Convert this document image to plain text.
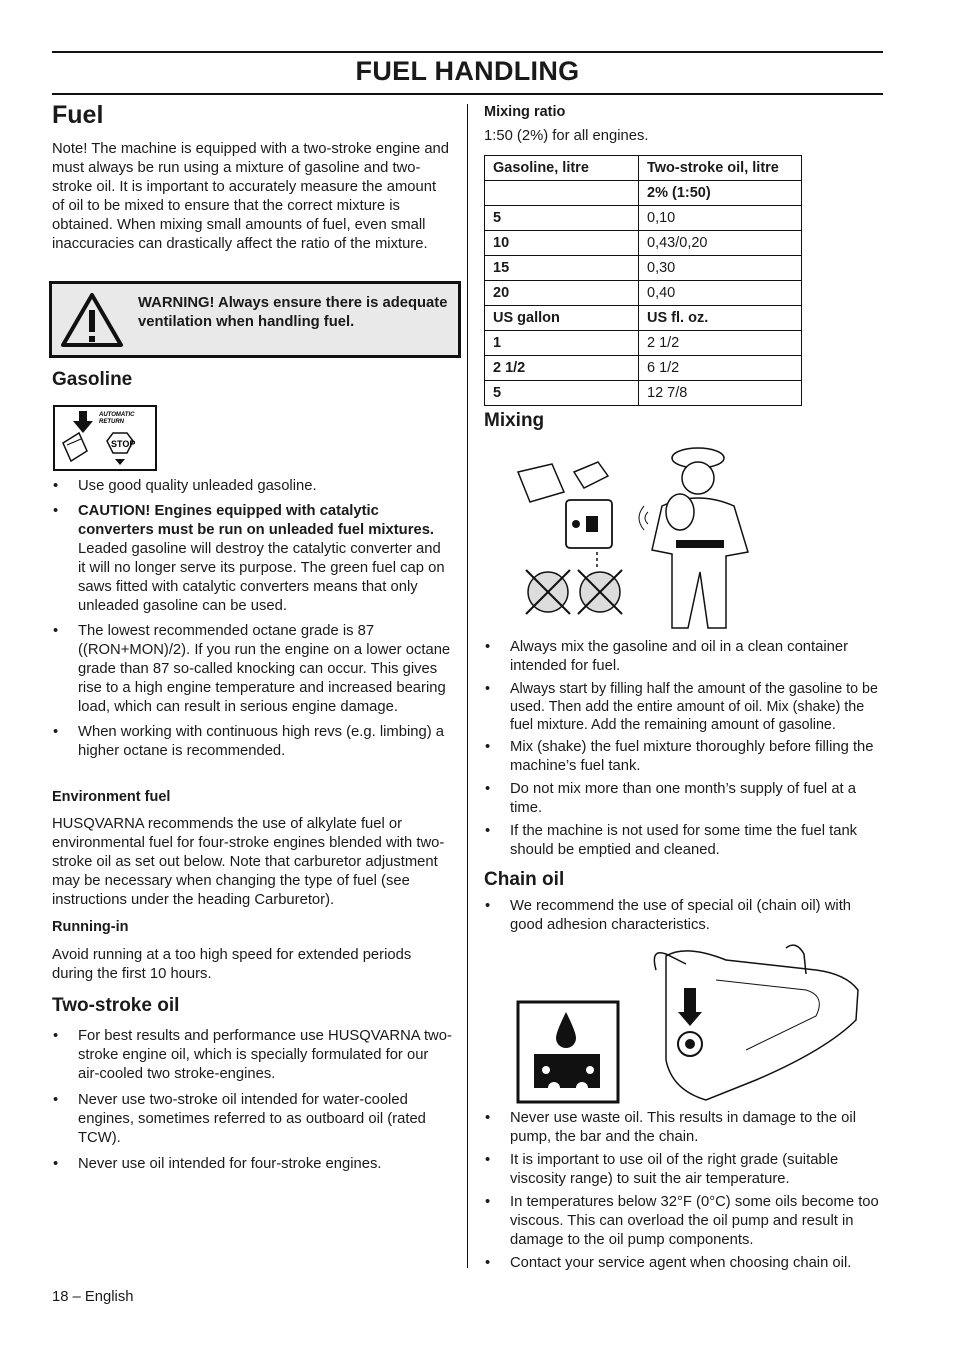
FUEL HANDLING
Fuel

Note! The machine is equipped with a two-stroke engine and must always be run using a mixture of gasoline and two-stroke oil. It is important to accurately measure the amount of oil to be mixed to ensure that the correct mixture is obtained. When mixing small amounts of fuel, even small inaccuracies can drastically affect the ratio of the mixture.

WARNING! Always ensure there is adequate ventilation when handling fuel.
Gasoline
AUTOMATIC
RETURN
STOP
• Use good quality unleaded gasoline.
• CAUTION! Engines equipped with catalytic converters must be run on unleaded fuel mixtures. Leaded gasoline will destroy the catalytic converter and it will no longer serve its purpose. The green fuel cap on saws fitted with catalytic converters means that only unleaded gasoline can be used.
• The lowest recommended octane grade is 87 ((RON+MON)/2). If you run the engine on a lower octane grade than 87 so-called knocking can occur. This gives rise to a high engine temperature and increased bearing load, which can result in serious engine damage.
• When working with continuous high revs (e.g. limbing) a higher octane is recommended.
Environment fuel

HUSQVARNA recommends the use of alkylate fuel or environmental fuel for four-stroke engines blended with two-stroke oil as set out below. Note that carburetor adjustment may be necessary when changing the type of fuel (see instructions under the heading Carburetor).

Running-in

Avoid running at a too high speed for extended periods during the first 10 hours.

Two-stroke oil
• For best results and performance use HUSQVARNA two-stroke engine oil, which is specially formulated for our air-cooled two stroke-engines.
• Never use two-stroke oil intended for water-cooled engines, sometimes referred to as outboard oil (rated TCW).
• Never use oil intended for four-stroke engines.
18 – English
Mixing ratio

1:50 (2%) for all engines.

Gasoline, litre	Two-stroke oil, litre
	2% (1:50)
5	0,10
10	0,43/0,20
15	0,30
20	0,40
US gallon	US fl. oz.
1	2 1/2
2 1/2	6 1/2
5	12 7/8
Mixing
• Always mix the gasoline and oil in a clean container intended for fuel.
• Always start by filling half the amount of the gasoline to be used. Then add the entire amount of oil. Mix (shake) the fuel mixture. Add the remaining amount of gasoline.
• Mix (shake) the fuel mixture thoroughly before filling the machine’s fuel tank.
• Do not mix more than one month’s supply of fuel at a time.
• If the machine is not used for some time the fuel tank should be emptied and cleaned.
Chain oil
• We recommend the use of special oil (chain oil) with good adhesion characteristics.
• Never use waste oil. This results in damage to the oil pump, the bar and the chain.
• It is important to use oil of the right grade (suitable viscosity range) to suit the air temperature.
• In temperatures below 32°F (0°C) some oils become too viscous. This can overload the oil pump and result in damage to the oil pump components.
• Contact your service agent when choosing chain oil.
